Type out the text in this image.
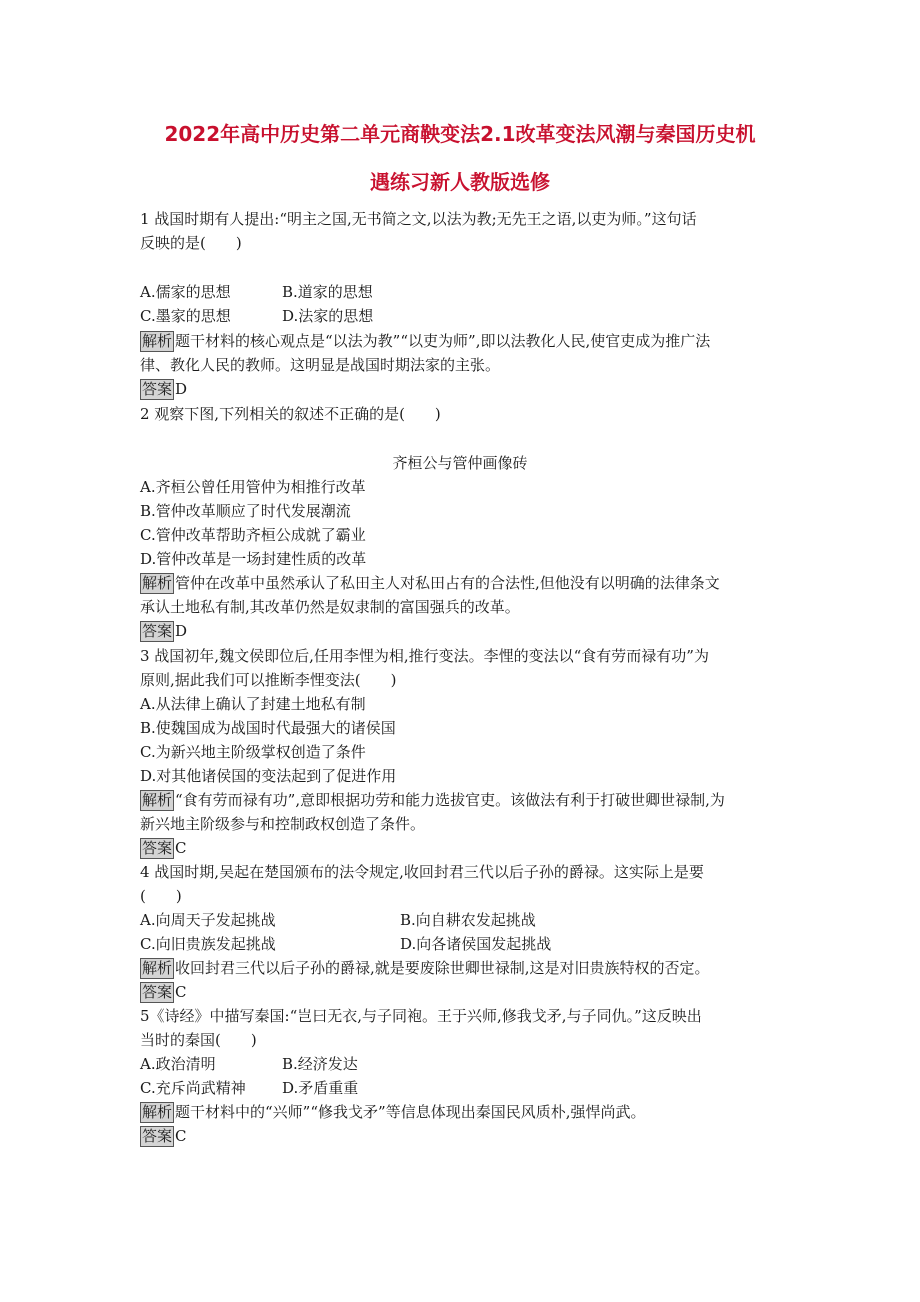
2022年高中历史第二单元商鞅变法2.1改革变法风潮与秦国历史机
遇练习新人教版选修
1 战国时期有人提出:“明主之国,无书简之文,以法为教;无先王之语,以吏为师。”这句话
反映的是(　　)
A.儒家的思想	B.道家的思想
C.墨家的思想	D.法家的思想
解析 题干材料的核心观点是“以法为教”“以吏为师”,即以法教化人民,使官吏成为推广法
律、教化人民的教师。这明显是战国时期法家的主张。
答案 D
2 观察下图,下列相关的叙述不正确的是(　　)
齐桓公与管仲画像砖
A.齐桓公曾任用管仲为相推行改革
B.管仲改革顺应了时代发展潮流
C.管仲改革帮助齐桓公成就了霸业
D.管仲改革是一场封建性质的改革
解析 管仲在改革中虽然承认了私田主人对私田占有的合法性,但他没有以明确的法律条文
承认土地私有制,其改革仍然是奴隶制的富国强兵的改革。
答案 D
3 战国初年,魏文侯即位后,任用李悝为相,推行变法。李悝的变法以“食有劳而禄有功”为
原则,据此我们可以推断李悝变法(　　)
A.从法律上确认了封建土地私有制
B.使魏国成为战国时代最强大的诸侯国
C.为新兴地主阶级掌权创造了条件
D.对其他诸侯国的变法起到了促进作用
解析 “食有劳而禄有功”,意即根据功劳和能力选拔官吏。该做法有利于打破世卿世禄制,为
新兴地主阶级参与和控制政权创造了条件。
答案 C
4 战国时期,吴起在楚国颁布的法令规定,收回封君三代以后子孙的爵禄。这实际上是要
(　　)
A.向周天子发起挑战	B.向自耕农发起挑战
C.向旧贵族发起挑战	D.向各诸侯国发起挑战
解析 收回封君三代以后子孙的爵禄,就是要废除世卿世禄制,这是对旧贵族特权的否定。
答案 C
5《诗经》中描写秦国:“岂曰无衣,与子同袍。王于兴师,修我戈矛,与子同仇。”这反映出
当时的秦国(　　)
A.政治清明	B.经济发达
C.充斥尚武精神 D.矛盾重重
解析 题干材料中的“兴师”“修我戈矛”等信息体现出秦国民风质朴,强悍尚武。
答案 C
